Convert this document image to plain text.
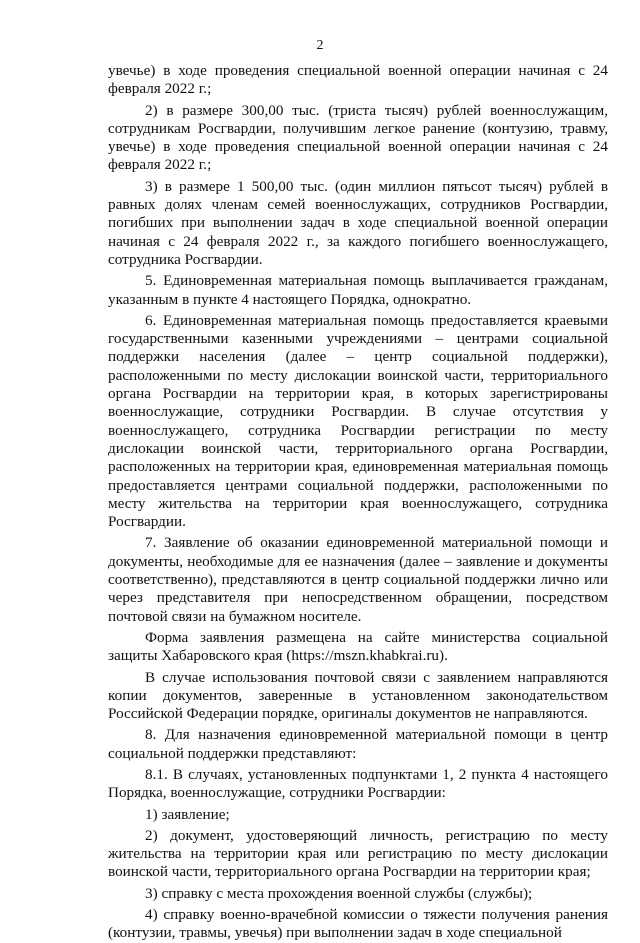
2

увечье) в ходе проведения специальной военной операции начиная с 24 февраля 2022 г.;

2) в размере 300,00 тыс. (триста тысяч) рублей военнослужащим, сотрудникам Росгвардии, получившим легкое ранение (контузию, травму, увечье) в ходе проведения специальной военной операции начиная с 24 февраля 2022 г.;

3) в размере 1 500,00 тыс. (один миллион пятьсот тысяч) рублей в равных долях членам семей военнослужащих, сотрудников Росгвардии, погибших при выполнении задач в ходе специальной военной операции начиная с 24 февраля 2022 г., за каждого погибшего военнослужащего, сотрудника Росгвардии.

5. Единовременная материальная помощь выплачивается гражданам, указанным в пункте 4 настоящего Порядка, однократно.

6. Единовременная материальная помощь предоставляется краевыми государственными казенными учреждениями – центрами социальной поддержки населения (далее – центр социальной поддержки), расположенными по месту дислокации воинской части, территориального органа Росгвардии на территории края, в которых зарегистрированы военнослужащие, сотрудники Росгвардии. В случае отсутствия у военнослужащего, сотрудника Росгвардии регистрации по месту дислокации воинской части, территориального органа Росгвардии, расположенных на территории края, единовременная материальная помощь предоставляется центрами социальной поддержки, расположенными по месту жительства на территории края военнослужащего, сотрудника Росгвардии.

7. Заявление об оказании единовременной материальной помощи и документы, необходимые для ее назначения (далее – заявление и документы соответственно), представляются в центр социальной поддержки лично или через представителя при непосредственном обращении, посредством почтовой связи на бумажном носителе.

Форма заявления размещена на сайте министерства социальной защиты Хабаровского края (https://mszn.khabkrai.ru).

В случае использования почтовой связи с заявлением направляются копии документов, заверенные в установленном законодательством Российской Федерации порядке, оригиналы документов не направляются.

8. Для назначения единовременной материальной помощи в центр социальной поддержки представляют:

8.1. В случаях, установленных подпунктами 1, 2 пункта 4 настоящего Порядка, военнослужащие, сотрудники Росгвардии:

1) заявление;

2) документ, удостоверяющий личность, регистрацию по месту жительства на территории края или регистрацию по месту дислокации воинской части, территориального органа Росгвардии на территории края;

3) справку с места прохождения военной службы (службы);

4) справку военно-врачебной комиссии о тяжести получения ранения (контузии, травмы, увечья) при выполнении задач в ходе специальной
